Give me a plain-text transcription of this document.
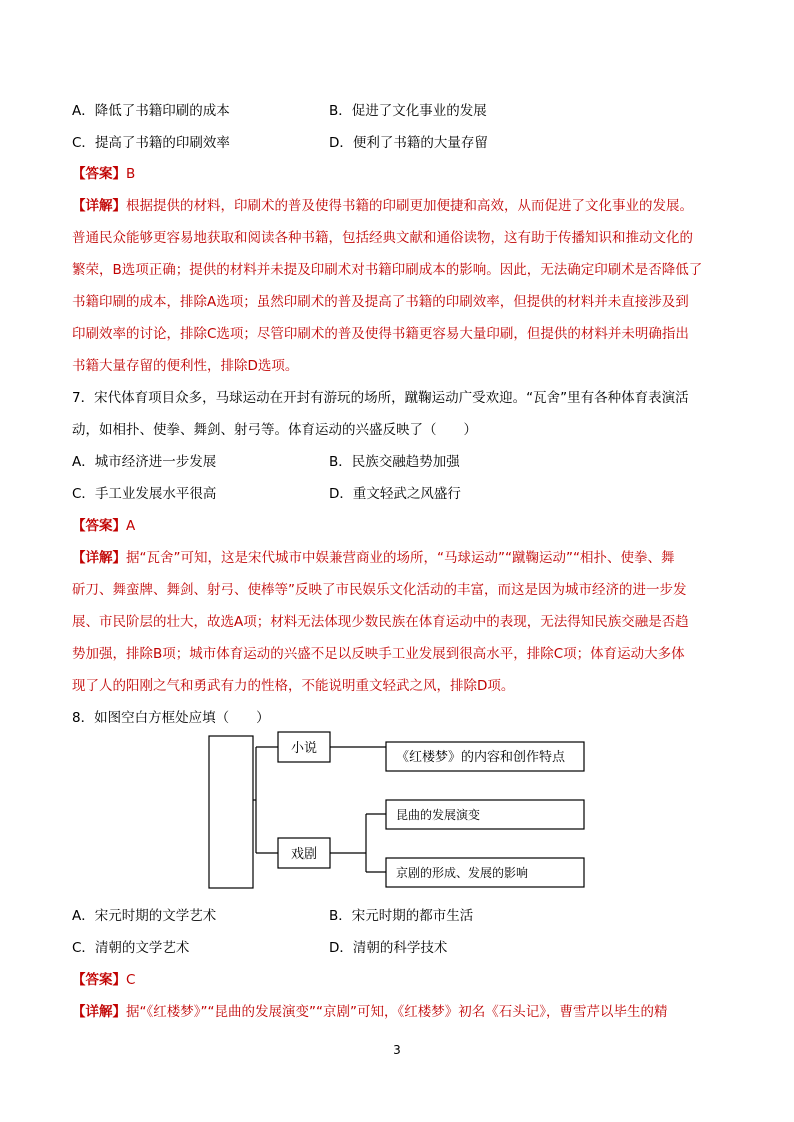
A．降低了书籍印刷的成本	B．促进了文化事业的发展
C．提高了书籍的印刷效率	D．便利了书籍的大量存留
【答案】B
【详解】根据提供的材料，印刷术的普及使得书籍的印刷更加便捷和高效，从而促进了文化事业的发展。
普通民众能够更容易地获取和阅读各种书籍，包括经典文献和通俗读物，这有助于传播知识和推动文化的
繁荣，B选项正确；提供的材料并未提及印刷术对书籍印刷成本的影响。因此，无法确定印刷术是否降低了
书籍印刷的成本，排除A选项；虽然印刷术的普及提高了书籍的印刷效率，但提供的材料并未直接涉及到
印刷效率的讨论，排除C选项；尽管印刷术的普及使得书籍更容易大量印刷，但提供的材料并未明确指出
书籍大量存留的便利性，排除D选项。
7．宋代体育项目众多，马球运动在开封有游玩的场所，蹴鞠运动广受欢迎。“瓦舍”里有各种体育表演活
动，如相扑、使拳、舞剑、射弓等。体育运动的兴盛反映了（　　）
A．城市经济进一步发展	B．民族交融趋势加强
C．手工业发展水平很高	D．重文轻武之风盛行
【答案】A
【详解】据“瓦舍”可知，这是宋代城市中娱兼营商业的场所，“马球运动”“蹴鞠运动”“相扑、使拳、舞
斫刀、舞蛮牌、舞剑、射弓、使棒等”反映了市民娱乐文化活动的丰富，而这是因为城市经济的进一步发
展、市民阶层的壮大，故选A项；材料无法体现少数民族在体育运动中的表现，无法得知民族交融是否趋
势加强，排除B项；城市体育运动的兴盛不足以反映手工业发展到很高水平，排除C项；体育运动大多体
现了人的阳刚之气和勇武有力的性格，不能说明重文轻武之风，排除D项。
8．如图空白方框处应填（　　）
小说
戏剧
《红楼梦》的内容和创作特点
昆曲的发展演变
京剧的形成、发展的影响
A．宋元时期的文学艺术	B．宋元时期的都市生活
C．清朝的文学艺术	D．清朝的科学技术
【答案】C
【详解】据“《红楼梦》”“昆曲的发展演变”“京剧”可知，《红楼梦》初名《石头记》，曹雪芹以毕生的精
3
